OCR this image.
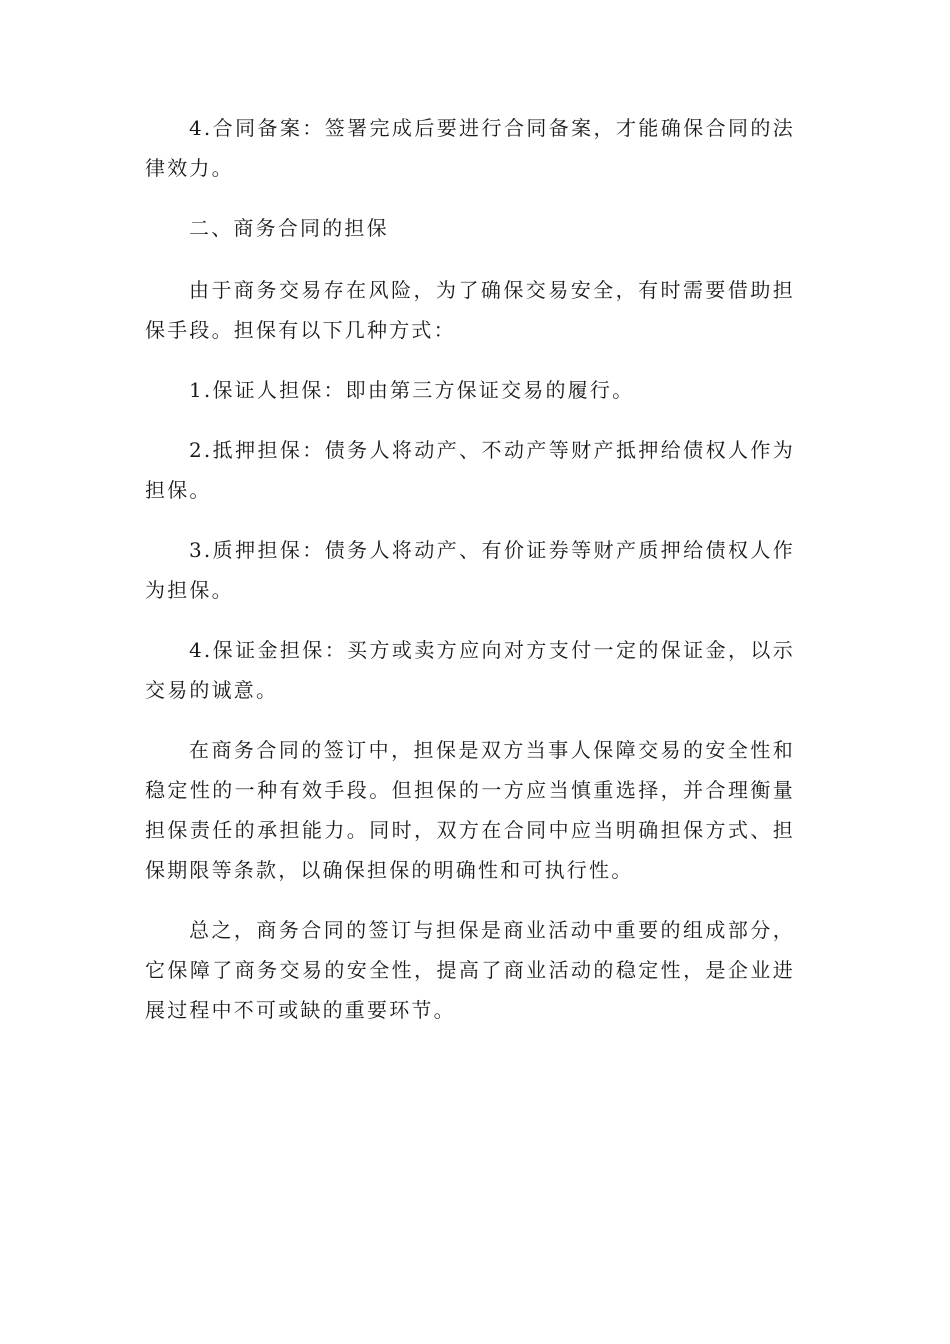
4.合同备案：签署完成后要进行合同备案，才能确保合同的法律效力。

二、商务合同的担保

由于商务交易存在风险，为了确保交易安全，有时需要借助担保手段。担保有以下几种方式：

1.保证人担保：即由第三方保证交易的履行。

2.抵押担保：债务人将动产、不动产等财产抵押给债权人作为担保。

3.质押担保：债务人将动产、有价证券等财产质押给债权人作为担保。

4.保证金担保：买方或卖方应向对方支付一定的保证金，以示交易的诚意。

在商务合同的签订中，担保是双方当事人保障交易的安全性和稳定性的一种有效手段。但担保的一方应当慎重选择，并合理衡量担保责任的承担能力。同时，双方在合同中应当明确担保方式、担保期限等条款，以确保担保的明确性和可执行性。

总之，商务合同的签订与担保是商业活动中重要的组成部分，它保障了商务交易的安全性，提高了商业活动的稳定性，是企业进展过程中不可或缺的重要环节。
